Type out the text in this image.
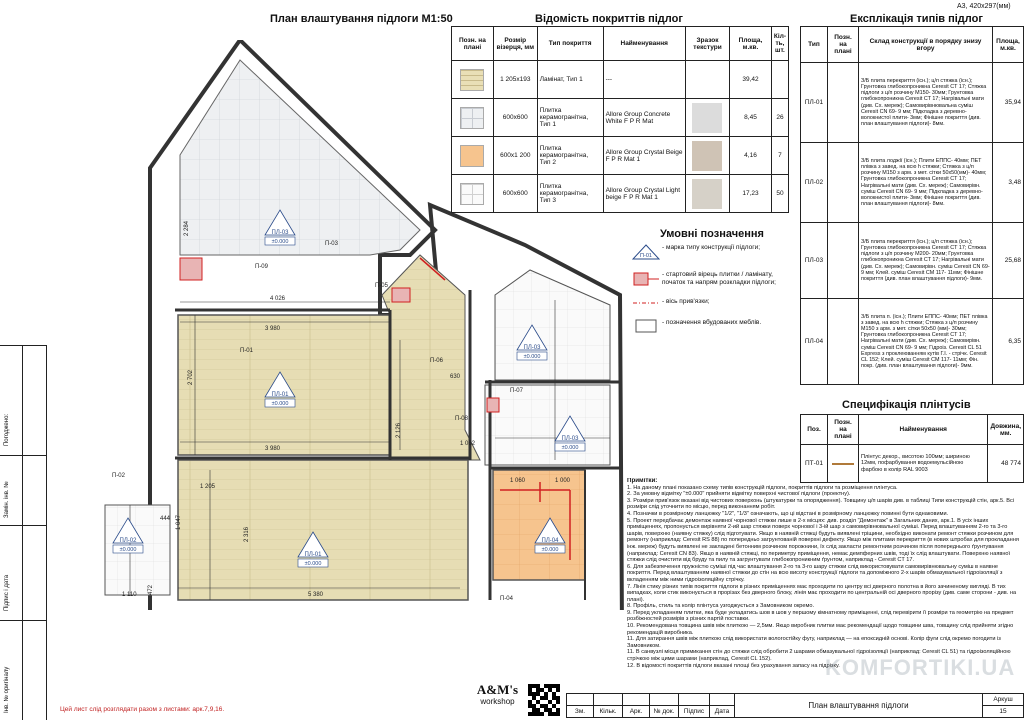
А3, 420x297(мм)
Погоджено:
Замін. інв. №
Підпис і дата
Інв. № оригіналу
План влаштування підлоги М1:50
4 026
3 980
2 702
3 980
1 205
2 316
5 380
1 110
444
472
1 082
2 126
630
2 284
1 047
1 060	1 000
П-01
П-02
П-03
П-04
П-05
П-06
П-07
П-08
П-09
ПЛ-03
±0.000
ПЛ-01
±0.000
ПЛ-03
±0.000
ПЛ-03
±0.000
ПЛ-02
±0.000
ПЛ-04
±0.000
ПЛ-01
±0.000
Відомість покриттів підлог
Позн. на плані	Розмір візерця, мм	Тип покриття	Найменування	Зразок текстури	Площа, м.кв.	Кіл-ть, шт.

	1 205x193	Ламінат, Тип 1	---		39,42	

	600x600	Плитка керамогранітна, Тип 1	Allore Group Concrete White F P R Mat		8,45	26

	600x1 200	Плитка керамогранітна, Тип 2	Allore Group Crystal Beige F P R Mat 1		4,16	7

	600x600	Плитка керамогранітна, Тип 3	Allore Group Crystal Light beige F P R Mat 1		17,23	50
Умовні позначення
П-01
- марка типу конструкції підлоги;
- стартовий вірець плитки / ламінату, початок та напрям розкладки підлоги;
- вісь прив'язки;
- позначення вбудованих меблів.
Експлікація типів підлог
Тип	Позн. на плані	Склад конструкції в порядку знизу вгору	Площа, м.кв.
ПЛ-01		З/Б плита перекриття (існ.); ц/п стяжка (існ.); Грунтовка глибокопроникна Ceresit CT 17; Стяжка підлоги з ц/п розчину М150- 30мм; Грунтовка глибокопроникна Ceresit CT 17; Нагрівальні мати (див. Сх. мереж); Самовирівнювальна суміш Ceresit CN 69- 9 мм; Підкладка з деревно-волокнистої плити- 3мм; Фінішне покриття (див. план влаштування підлоги)- 8мм.	35,94
ПЛ-02		З/Б плита лоджії (існ.); Плити ЕППС- 40мм; ПЕТ плівка з завед. на всю h стяжки; Стяжка з ц/п розчину М150 з арм. з мет. сітки 50x50(мм)- 40мм; Грунтовка глибокопроникна Ceresit CT 17; Нагрівальні мати (див. Сх. мереж); Самовирівн. суміш Ceresit CN 69- 9 мм; Підкладка з деревно-волокнистої плити- 3мм; Фінішне покриття (див. план влаштування підлоги)- 8мм.	3,48
ПЛ-03		З/Б плита перекриття (існ.); ц/п стяжка (існ.); Грунтовка глибокопроникна Ceresit CT 17; Стяжка підлоги з ц/п розчину М200- 20мм; Грунтовка глибокопроникна Ceresit CT 17; Нагрівальні мати (див. Сх. мереж); Самовирівн. суміш Ceresit CN 69- 9 мм; Клей. суміш Ceresit CM 117- 11мм; Фінішне покриття (див. план влаштування підлоги)- 9мм.	25,68
ПЛ-04		З/Б плита п. (існ.); Плити ЕППС- 40мм; ПЕТ плівка з завед. на всю h стяжки; Стяжка з ц/п розчину М150 з арм. з мет. сітки 50x50 (мм)- 30мм; Грунтовка глибокопроникна Ceresit CT 17; Нагрівальні мати (див. Сх. мереж); Самовирівн. суміш Ceresit CN 69- 9 мм; Гідроіз. Ceresit CL 51 Express з проклеюванням кутів Г.І. - стрічк. Ceresit CL 152; Клей. суміш Ceresit CM 117- 11мм; Фін. покр. (див. план влаштування підлоги)- 9мм.	6,35
Специфікація плінтусів
Поз.	Позн. на плані	Найменування	Довжина, мм.
ПТ-01		Плінтус декор., висотою 100мм; шириною 12мм, пофарбування водоемульсійною фарбою в колір RAL 9003	48 774

Примітки:

1. На даному плані показано схему типів конструкцій підлоги, покриттів підлоги та розміщення плінтуса.

2. За умовну відмітку "±0.000" прийняти відмітку поверхні чистової підлоги (проектну).

3. Розміри прив'язок вказані від чистових поверхонь (штукатурки та опорядження). Товщину ц/п шарів див. в таблиці Типи конструкцій стін, арк.5. Всі розміри слід уточнити по місцю, перед виконанням робіт.

4. Позначки в розмірному ланцюжку "1/2", "1/3" означають, що ці відстані в розмірному ланцюжку повинні бути однаковими.

5. Проект передбачає демонтаж наявної чорнової стяжки лише в 2-х місцях: див. розділ "Демонтаж" в Загальних даних, арк.1. В усіх інших приміщеннях, пропонується вирівняти 2-ий шар стяжки поверх чорнової і 3-ій шар з самовирівнювальної суміші. Перед влаштуванням 2-го та 3-го шарів, поверхню (наявну стяжку) слід підготувати. Якщо в наявній стяжці будуть виявлені тріщини, необхідно виконати ремонт стяжки розчином для ремонту (наприклад: Ceresit RS 88) по попередньо загрунтованій поверхні дефекту. Якщо між плитами перекриття (в нових штробах для прокладання інж. мереж) будуть виявлені не закладені бетонним розчином порожнини, їх слід закласти ремонтним розчином після попереднього ґрунтування (наприклад: Ceresit CN 83). Якщо в наявній стяжці, по периметру приміщення, немає демпферних швів, тоді їх слід влаштувати. Поверхню наявної стяжки слід очистити від бруду та пилу та загрунтувати глибокопроникним ґрунтом, наприклад - Ceresit CT 17.

6. Для забезпечення пружністю суміші під час влаштування 2-го та 3-го шару стяжки слід використовувати самовирівнювальну суміш в наявне покриття. Перед влаштуванням наявної стяжки до стін на всю висоту конструкції підлоги та допоміжного 2-х шарів обмазувальної гідроізоляції з вкладенням між ними гідроізоляційну стрічку.

7. Лінія стику різних типів покриття підлоги в різних приміщеннях має проходити по центру всі дверного полотна в його зачиненому вигляді. В тих випадках, коли стик виконується в прорізах без дверного блоку, лінія має проходити по центральній осі дверного прорізу (див. самe сторони - див. на плані).

8. Профіль, стиль та колір плінтуса узгоджується з Замовником окремо.

9. Перед укладанням плитки, яка буде укладатись шов в шов у першому кімнатному приміщенні, слід перевірити її розміри та геометрію на предмет розбіжностей розмірів з різних партій поставки.

10. Рекомендована товщина швів між плиткою — 2,5мм. Якщо виробник плитки має рекомендації щодо товщини шва, товщину слід прийняти згідно рекомендацій виробника.

11. Для затирання швів між плиткою слід використати вологостійку фугу, наприклад — на епоксидній основі. Колір фуги слід окремо погодити із Замовником.

11. В санвузлі місця примикання стін до стяжки слід обробити 2 шарами обмазувальної гідроізоляції (наприклад: Ceresit CL 51) та гідроізоляційною стрічкою між цими шарами (наприклад, Ceresit CL 152).

12. В відомості покриттів підлоги вказані площі без урахування запасу на підрізку.

KOMFORTIKI.UA
Цей лист слід розглядати разом з листами: арк.7,9,16.
A&M's
workshop
							План влаштування підлоги	Аркуш
Зм.	Кільк.	Арк.	№ док.	Підпис	Дата		15
